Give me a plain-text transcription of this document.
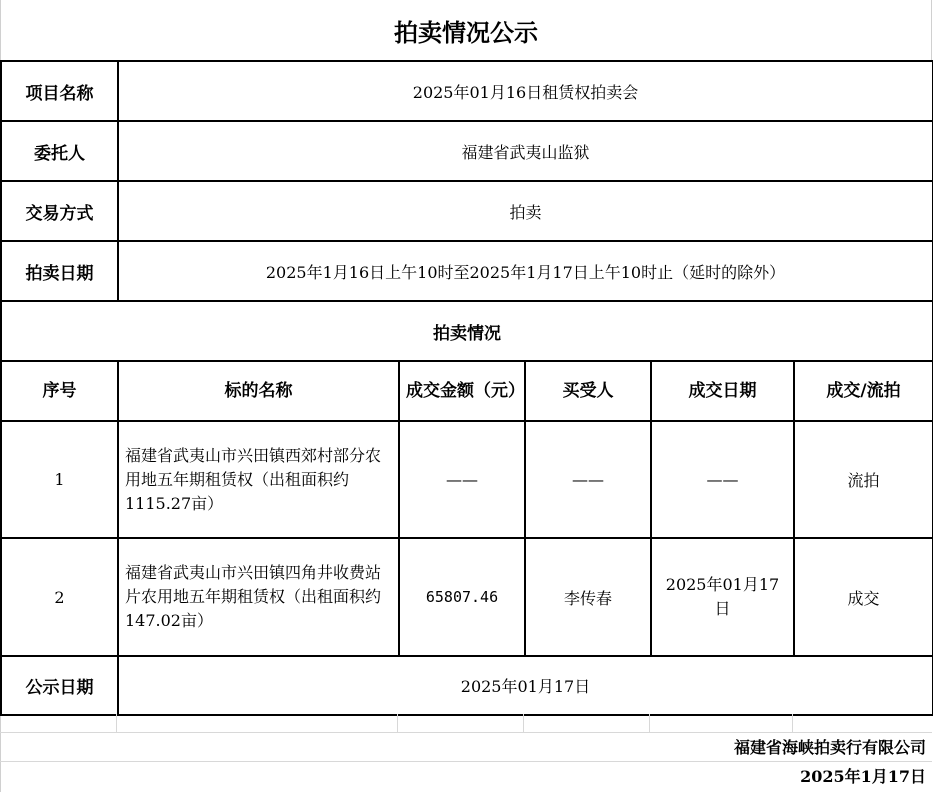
拍卖情况公示
项目名称	2025年01月16日租赁权拍卖会				
委托人	福建省武夷山监狱				
交易方式	拍卖				
拍卖日期	2025年1月16日上午10时至2025年1月17日上午10时止（延时的除外）				
拍卖情况					
序号	标的名称	成交金额（元）	买受人	成交日期	成交/流拍
1	福建省武夷山市兴田镇西郊村部分农用地五年期租赁权（出租面积约1115.27亩）	——	——	——	流拍
2	福建省武夷山市兴田镇四角井收费站片农用地五年期租赁权（出租面积约147.02亩）	65807.46	李传春	2025年01月17日	成交
公示日期	2025年01月17日				
福建省海峡拍卖行有限公司
2025年1月17日
